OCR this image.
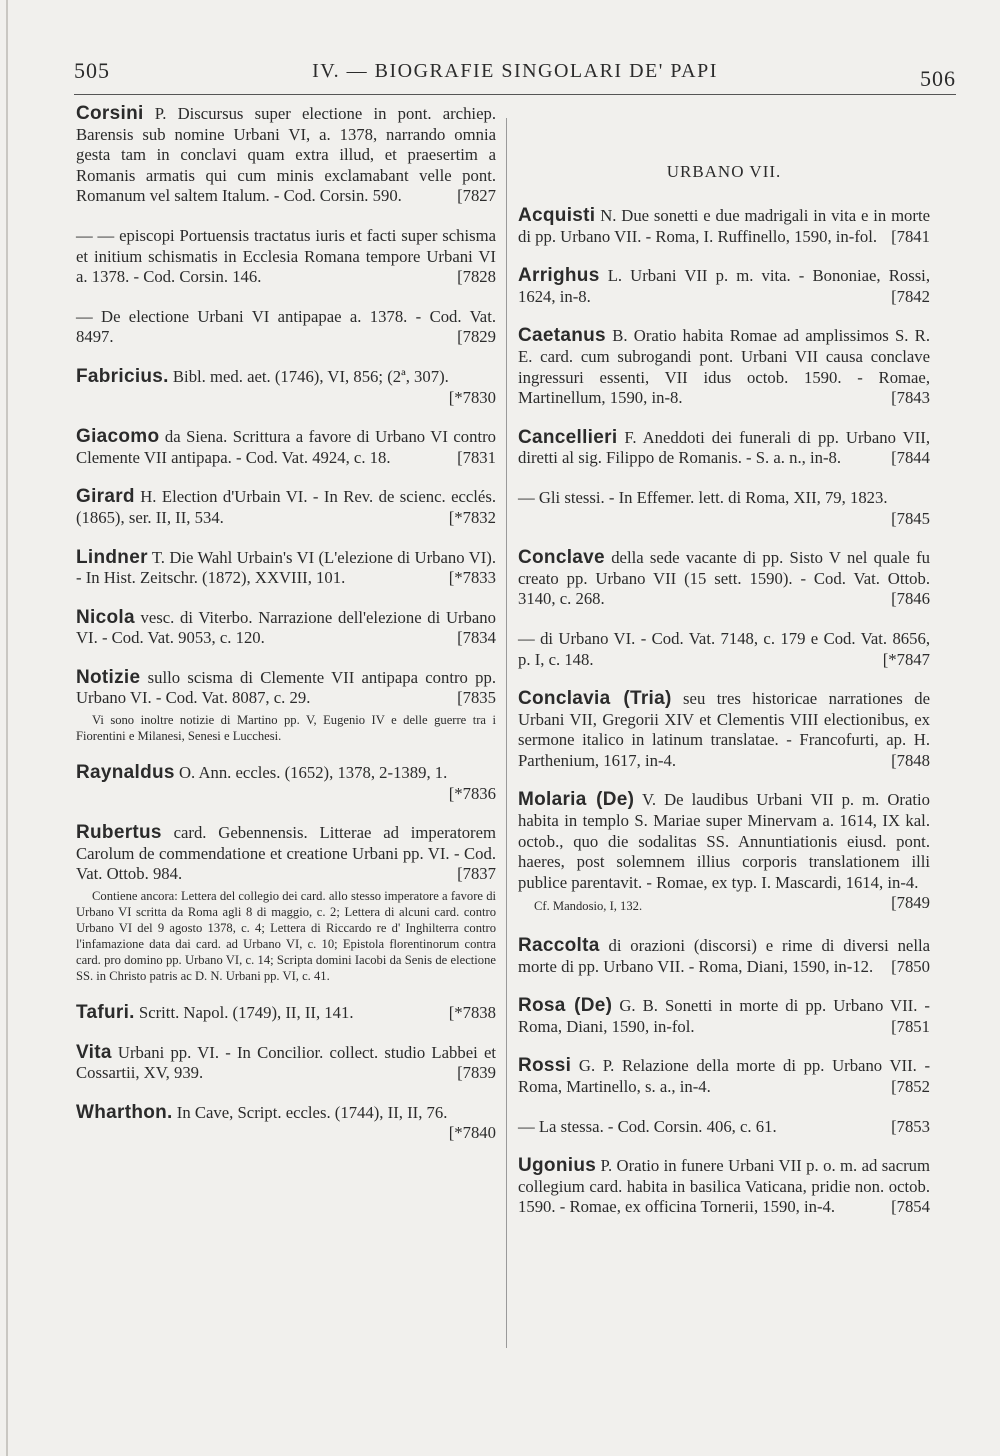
505	IV. — BIOGRAFIE SINGOLARI DE' PAPI	506
Corsini P. Discursus super electione in pont. archiep. Barensis sub nomine Urbani VI, a. 1378, narrando omnia gesta tam in conclavi quam extra illud, et praesertim a Romanis armatis qui cum minis exclamabant velle pont. Romanum vel saltem Italum. - Cod. Corsin. 590.	[7827
— — episcopi Portuensis tractatus iuris et facti super schisma et initium schismatis in Ecclesia Romana tempore Urbani VI a. 1378. - Cod. Corsin. 146.	[7828
— De electione Urbani VI antipapae a. 1378. - Cod. Vat. 8497.	[7829
Fabricius. Bibl. med. aet. (1746), VI, 856; (2ª, 307).
[*7830
Giacomo da Siena. Scrittura a favore di Urbano VI contro Clemente VII antipapa. - Cod. Vat. 4924, c. 18.	[7831
Girard H. Election d'Urbain VI. - In Rev. de scienc. ecclés. (1865), ser. II, II, 534.	[*7832
Lindner T. Die Wahl Urbain's VI (L'elezione di Urbano VI). - In Hist. Zeitschr. (1872), XXVIII, 101.	[*7833
Nicola vesc. di Viterbo. Narrazione dell'elezione di Urbano VI. - Cod. Vat. 9053, c. 120.	[7834
Notizie sullo scisma di Clemente VII antipapa contro pp. Urbano VI. - Cod. Vat. 8087, c. 29.	[7835
Vi sono inoltre notizie di Martino pp. V, Eugenio IV e delle guerre tra i Fiorentini e Milanesi, Senesi e Lucchesi.
Raynaldus O. Ann. eccles. (1652), 1378, 2-1389, 1.
[*7836
Rubertus card. Gebennensis. Litterae ad imperatorem Carolum de commendatione et creatione Urbani pp. VI. - Cod. Vat. Ottob. 984.	[7837
Contiene ancora: Lettera del collegio dei card. allo stesso imperatore a favore di Urbano VI scritta da Roma agli 8 di maggio, c. 2; Lettera di alcuni card. contro Urbano VI del 9 agosto 1378, c. 4; Lettera di Riccardo re d' Inghilterra contro l'infamazione data dai card. ad Urbano VI, c. 10; Epistola florentinorum contra card. pro domino pp. Urbano VI, c. 14; Scripta domini Iacobi da Senis de electione SS. in Christo patris ac D. N. Urbani pp. VI, c. 41.
Tafuri. Scritt. Napol. (1749), II, II, 141.	[*7838
Vita Urbani pp. VI. - In Concilior. collect. studio Labbei et Cossartii, XV, 939.	[7839
Wharthon. In Cave, Script. eccles. (1744), II, II, 76.
[*7840
URBANO VII.
Acquisti N. Due sonetti e due madrigali in vita e in morte di pp. Urbano VII. - Roma, I. Ruffinello, 1590, in-fol. [7841
Arrighus L. Urbani VII p. m. vita. - Bononiae, Rossi, 1624, in-8.	[7842
Caetanus B. Oratio habita Romae ad amplissimos S. R. E. card. cum subrogandi pont. Urbani VII causa conclave ingressuri essenti, VII idus octob. 1590. - Romae, Martinellum, 1590, in-8.	[7843
Cancellieri F. Aneddoti dei funerali di pp. Urbano VII, diretti al sig. Filippo de Romanis. - S. a. n., in-8.	[7844
— Gli stessi. - In Effemer. lett. di Roma, XII, 79, 1823.
[7845
Conclave della sede vacante di pp. Sisto V nel quale fu creato pp. Urbano VII (15 sett. 1590). - Cod. Vat. Ottob. 3140, c. 268.	[7846
— di Urbano VI. - Cod. Vat. 7148, c. 179 e Cod. Vat. 8656, p. I, c. 148.	[*7847
Conclavia (Tria) seu tres historicae narrationes de Urbani VII, Gregorii XIV et Clementis VIII electionibus, ex sermone italico in latinum translatae. - Francofurti, ap. H. Parthenium, 1617, in-4.	[7848
Molaria (De) V. De laudibus Urbani VII p. m. Oratio habita in templo S. Mariae super Minervam a. 1614, IX kal. octob., quo die sodalitas SS. Annuntiationis eiusd. pont. haeres, post solemnem illius corporis translationem illi publice parentavit. - Romae, ex typ. I. Mascardi, 1614, in-4.
[7849
Cf. Mandosio, I, 132.
Raccolta di orazioni (discorsi) e rime di diversi nella morte di pp. Urbano VII. - Roma, Diani, 1590, in-12. [7850
Rosa (De) G. B. Sonetti in morte di pp. Urbano VII. - Roma, Diani, 1590, in-fol.	[7851
Rossi G. P. Relazione della morte di pp. Urbano VII. - Roma, Martinello, s. a., in-4.	[7852
— La stessa. - Cod. Corsin. 406, c. 61.	[7853
Ugonius P. Oratio in funere Urbani VII p. o. m. ad sacrum collegium card. habita in basilica Vaticana, pridie non. octob. 1590. - Romae, ex officina Tornerii, 1590, in-4.	[7854
